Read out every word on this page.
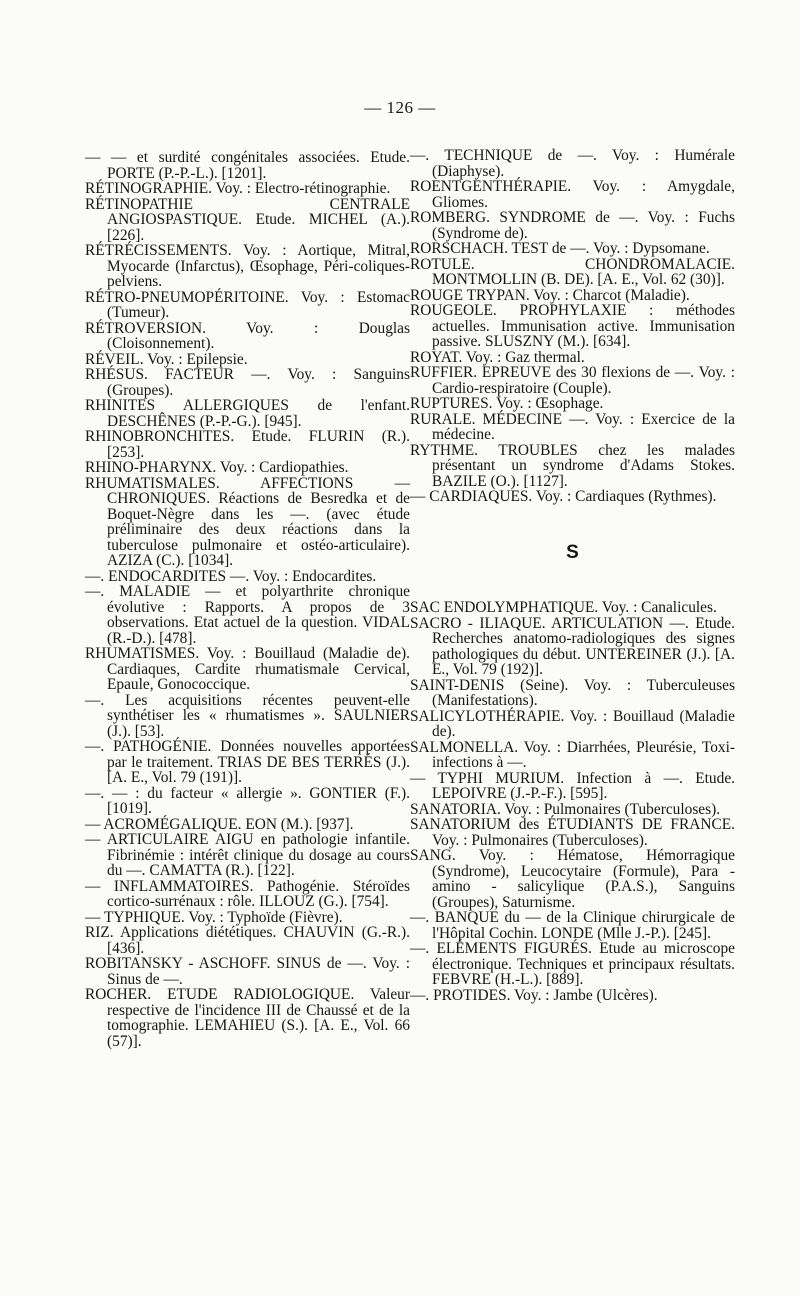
— 126 —

— — et surdité congénitales associées. Etude. PORTE (P.-P.-L.). [1201].

RÉTINOGRAPHIE. Voy. : Electro-rétinographie.

RÉTINOPATHIE CENTRALE ANGIOSPASTIQUE. Etude. MICHEL (A.). [226].

RÉTRÉCISSEMENTS. Voy. : Aortique, Mitral, Myocarde (Infarctus), Œsophage, Péri-coliques-pelviens.

RÉTRO-PNEUMOPÉRITOINE. Voy. : Estomac (Tumeur).

RÉTROVERSION. Voy. : Douglas (Cloisonnement).

RÉVEIL. Voy. : Epilepsie.

RHÉSUS. FACTEUR —. Voy. : Sanguins (Groupes).

RHINITES ALLERGIQUES de l'enfant. DESCHÊNES (P.-P.-G.). [945].

RHINOBRONCHITES. Etude. FLURIN (R.). [253].

RHINO-PHARYNX. Voy. : Cardiopathies.

RHUMATISMALES. AFFECTIONS — CHRONIQUES. Réactions de Besredka et de Boquet-Nègre dans les —. (avec étude préliminaire des deux réactions dans la tuberculose pulmonaire et ostéo-articulaire). AZIZA (C.). [1034].

—. ENDOCARDITES —. Voy. : Endocardites.

—. MALADIE — et polyarthrite chronique évolutive : Rapports. A propos de 3 observations. Etat actuel de la question. VIDAL (R.-D.). [478].

RHUMATISMES. Voy. : Bouillaud (Maladie de). Cardiaques, Cardite rhumatismale Cervical, Epaule, Gonococcique.

—. Les acquisitions récentes peuvent-elle synthétiser les « rhumatismes ». SAULNIER (J.). [53].

—. PATHOGÉNIE. Données nouvelles apportées par le traitement. TRIAS DE BES TERRÉS (J.). [A. E., Vol. 79 (191)].

—. — : du facteur « allergie ». GONTIER (F.). [1019].

— ACROMÉGALIQUE. EON (M.). [937].

— ARTICULAIRE AIGU en pathologie infantile. Fibrinémie : intérêt clinique du dosage au cours du —. CAMATTA (R.). [122].

— INFLAMMATOIRES. Pathogénie. Stéroïdes cortico-surrénaux : rôle. ILLOUZ (G.). [754].

— TYPHIQUE. Voy. : Typhoïde (Fièvre).

RIZ. Applications diététiques. CHAUVIN (G.-R.). [436].

ROBITANSKY - ASCHOFF. SINUS de —. Voy. : Sinus de —.

ROCHER. ETUDE RADIOLOGIQUE. Valeur respective de l'incidence III de Chaussé et de la tomographie. LEMAHIEU (S.). [A. E., Vol. 66 (57)].

—. TECHNIQUE de —. Voy. : Humérale (Diaphyse).

ROENTGENTHÉRAPIE. Voy. : Amygdale, Gliomes.

ROMBERG. SYNDROME de —. Voy. : Fuchs (Syndrome de).

RORSCHACH. TEST de —. Voy. : Dypsomane.

ROTULE. CHONDROMALACIE. MONTMOLLIN (B. DE). [A. E., Vol. 62 (30)].

ROUGE TRYPAN. Voy. : Charcot (Maladie).

ROUGEOLE. PROPHYLAXIE : méthodes actuelles. Immunisation active. Immunisation passive. SLUSZNY (M.). [634].

ROYAT. Voy. : Gaz thermal.

RUFFIER. EPREUVE des 30 flexions de —. Voy. : Cardio-respiratoire (Couple).

RUPTURES. Voy. : Œsophage.

RURALE. MÉDECINE —. Voy. : Exercice de la médecine.

RYTHME. TROUBLES chez les malades présentant un syndrome d'Adams Stokes. BAZILE (O.). [1127].

— CARDIAQUES. Voy. : Cardiaques (Rythmes).

S

SAC ENDOLYMPHATIQUE. Voy. : Canalicules.

SACRO - ILIAQUE. ARTICULATION —. Etude. Recherches anatomo-radiologiques des signes pathologiques du début. UNTEREINER (J.). [A. E., Vol. 79 (192)].

SAINT-DENIS (Seine). Voy. : Tuberculeuses (Manifestations).

SALICYLOTHÉRAPIE. Voy. : Bouillaud (Maladie de).

SALMONELLA. Voy. : Diarrhées, Pleurésie, Toxi-infections à —.

— TYPHI MURIUM. Infection à —. Etude. LEPOIVRE (J.-P.-F.). [595].

SANATORIA. Voy. : Pulmonaires (Tuberculoses).

SANATORIUM des ÉTUDIANTS DE FRANCE. Voy. : Pulmonaires (Tuberculoses).

SANG. Voy. : Hématose, Hémorragique (Syndrome), Leucocytaire (Formule), Para - amino - salicylique (P.A.S.), Sanguins (Groupes), Saturnisme.

—. BANQUE du — de la Clinique chirurgicale de l'Hôpital Cochin. LONDE (Mlle J.-P.). [245].

—. ELÉMENTS FIGURÉS. Etude au microscope électronique. Techniques et principaux résultats. FEBVRE (H.-L.). [889].

—. PROTIDES. Voy. : Jambe (Ulcères).
